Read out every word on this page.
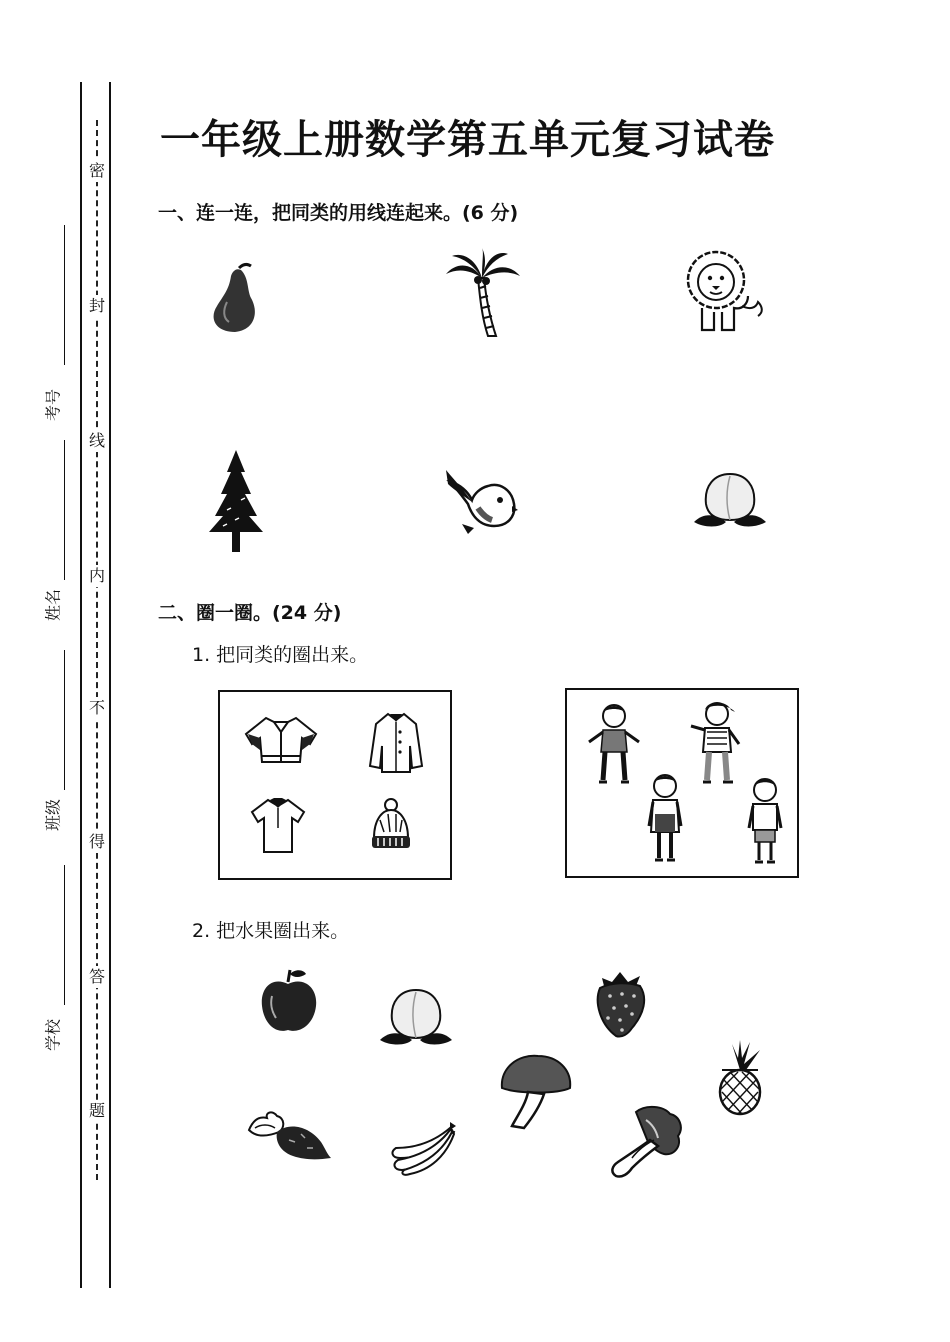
密
封
线
内
不
得
答
题
考号
姓名
班级
学校
一年级上册数学第五单元复习试卷
一、连一连，把同类的用线连起来。(6 分)
二、圈一圈。(24 分)
1. 把同类的圈出来。
2. 把水果圈出来。
